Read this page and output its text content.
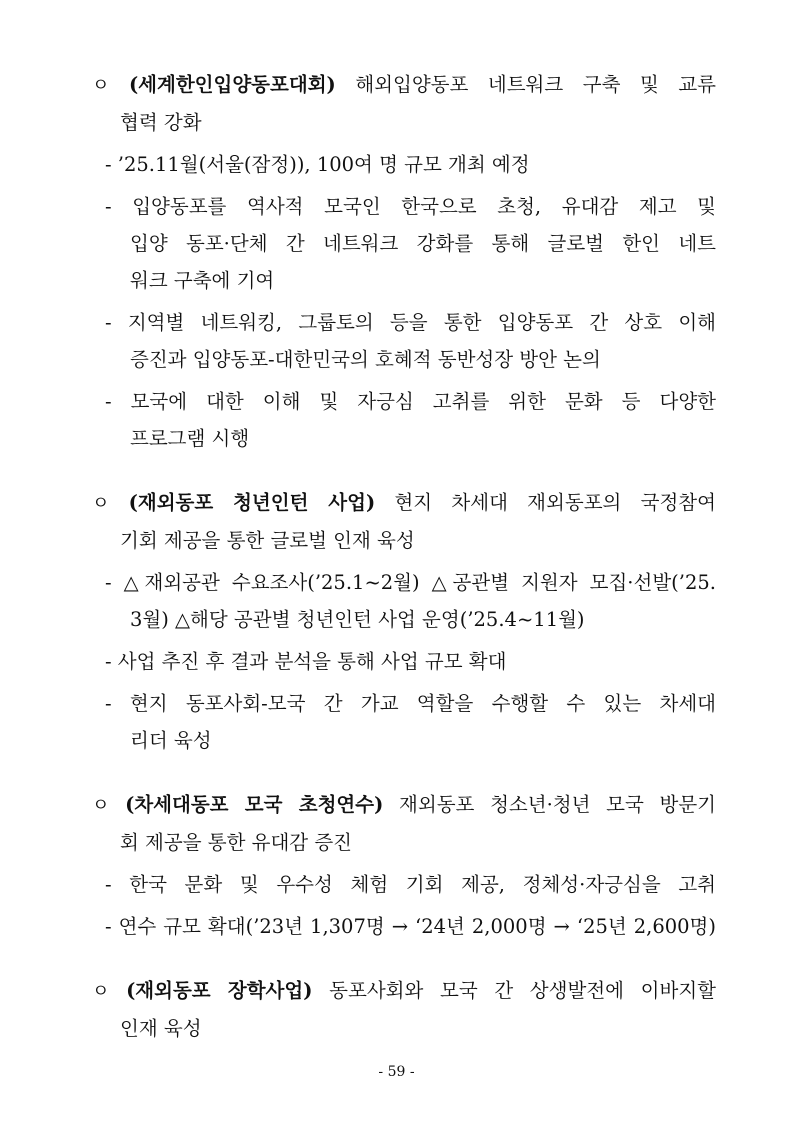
ㅇ (세계한인입양동포대회) 해외입양동포 네트워크 구축 및 교류
협력 강화
- ’25.11월(서울(잠정)), 100여 명 규모 개최 예정
- 입양동포를 역사적 모국인 한국으로 초청, 유대감 제고 및
입양 동포·단체 간 네트워크 강화를 통해 글로벌 한인 네트
워크 구축에 기여
- 지역별 네트워킹, 그룹토의 등을 통한 입양동포 간 상호 이해
증진과 입양동포-대한민국의 호혜적 동반성장 방안 논의
- 모국에 대한 이해 및 자긍심 고취를 위한 문화 등 다양한
프로그램 시행
ㅇ (재외동포 청년인턴 사업) 현지 차세대 재외동포의 국정참여
기회 제공을 통한 글로벌 인재 육성
- △재외공관 수요조사(’25.1~2월) △공관별 지원자 모집·선발(’25.
3월) △해당 공관별 청년인턴 사업 운영(’25.4~11월)
- 사업 추진 후 결과 분석을 통해 사업 규모 확대
- 현지 동포사회-모국 간 가교 역할을 수행할 수 있는 차세대
리더 육성
ㅇ (차세대동포 모국 초청연수) 재외동포 청소년·청년 모국 방문기
회 제공을 통한 유대감 증진
- 한국 문화 및 우수성 체험 기회 제공, 정체성·자긍심을 고취
- 연수 규모 확대(’23년 1,307명 → ‘24년 2,000명 → ‘25년 2,600명)
ㅇ (재외동포 장학사업) 동포사회와 모국 간 상생발전에 이바지할
인재 육성
- 59 -
